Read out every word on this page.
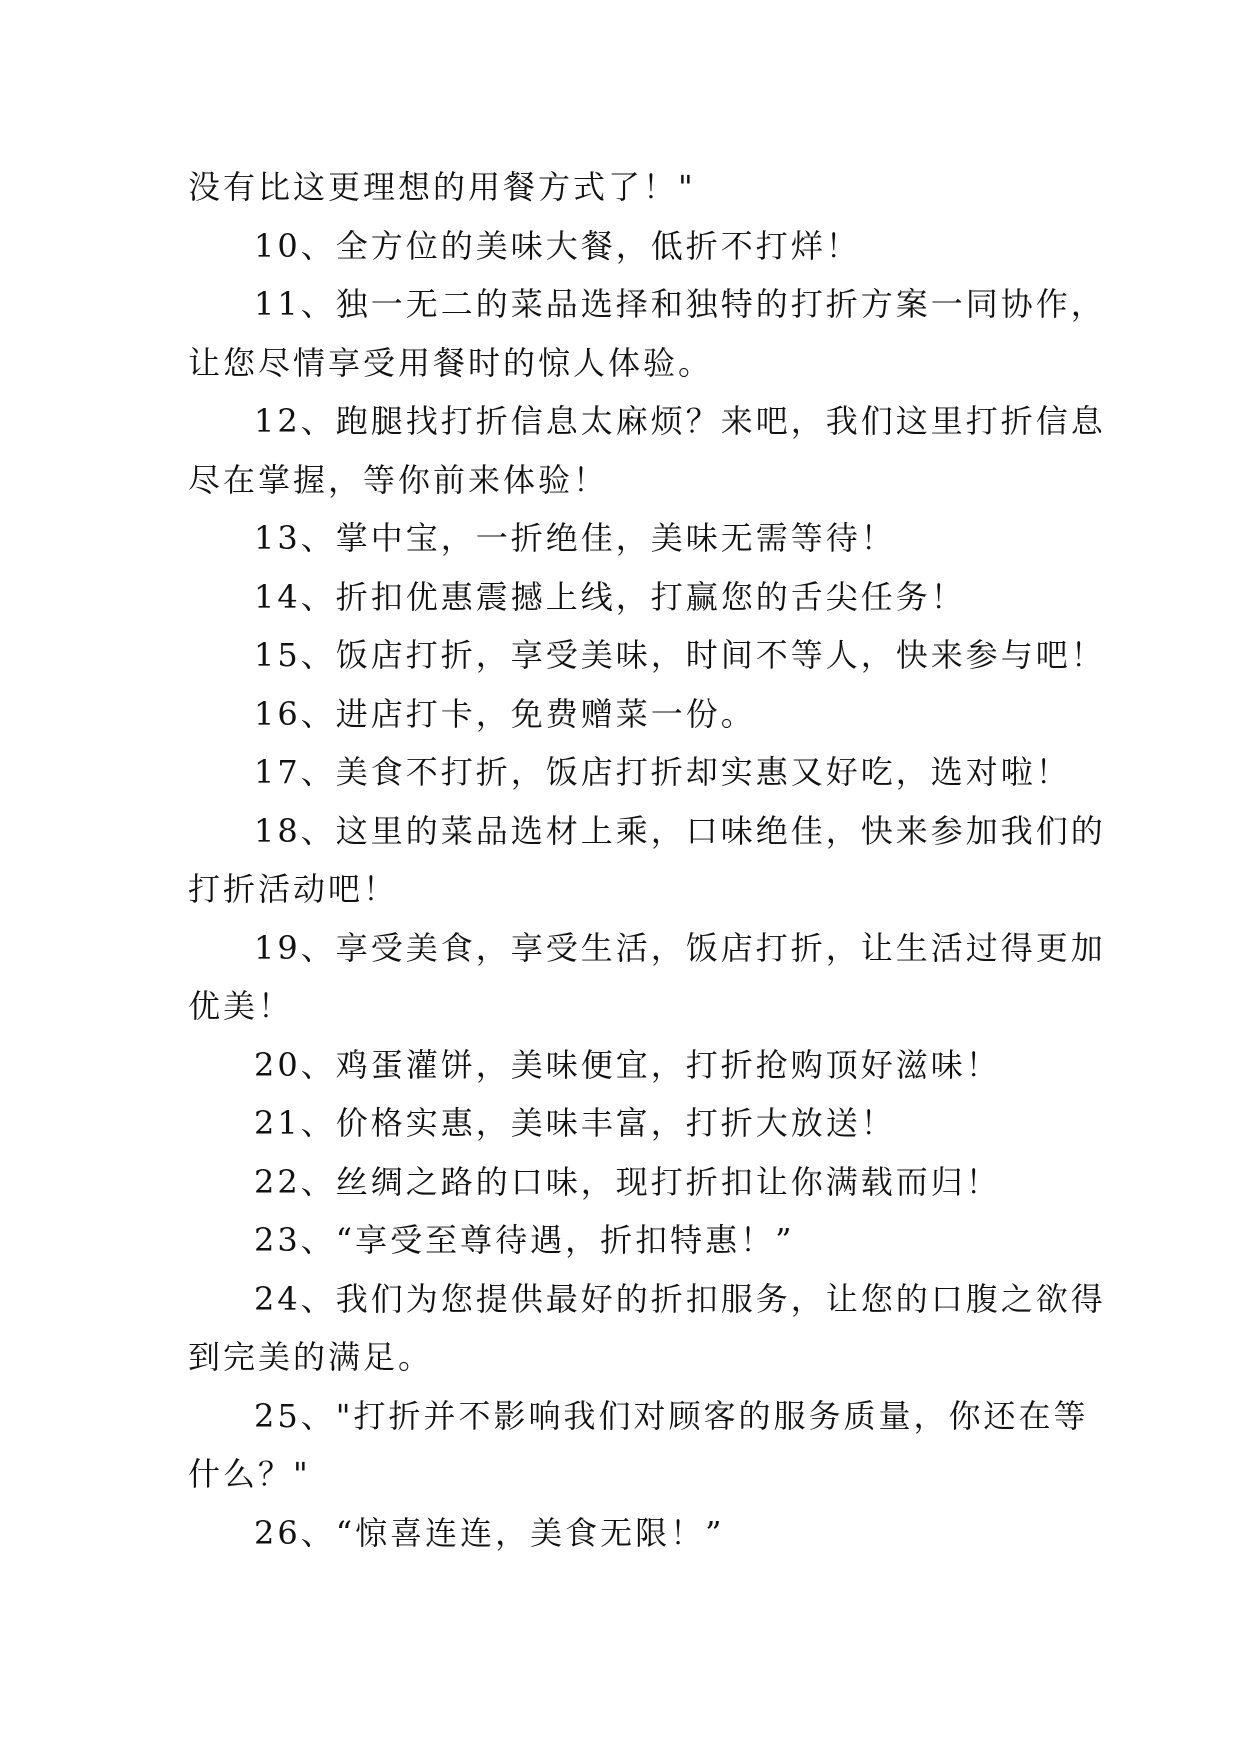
没有比这更理想的用餐方式了！"
10、全方位的美味大餐，低折不打烊！
11、独一无二的菜品选择和独特的打折方案一同协作，
让您尽情享受用餐时的惊人体验。
12、跑腿找打折信息太麻烦？来吧，我们这里打折信息
尽在掌握，等你前来体验！
13、掌中宝，一折绝佳，美味无需等待！
14、折扣优惠震撼上线，打赢您的舌尖任务！
15、饭店打折，享受美味，时间不等人，快来参与吧！
16、进店打卡，免费赠菜一份。
17、美食不打折，饭店打折却实惠又好吃，选对啦！
18、这里的菜品选材上乘，口味绝佳，快来参加我们的
打折活动吧！
19、享受美食，享受生活，饭店打折，让生活过得更加
优美！
20、鸡蛋灌饼，美味便宜，打折抢购顶好滋味！
21、价格实惠，美味丰富，打折大放送！
22、丝绸之路的口味，现打折扣让你满载而归！
23、“享受至尊待遇，折扣特惠！”
24、我们为您提供最好的折扣服务，让您的口腹之欲得
到完美的满足。
25、"打折并不影响我们对顾客的服务质量，你还在等
什么？"
26、“惊喜连连，美食无限！”
